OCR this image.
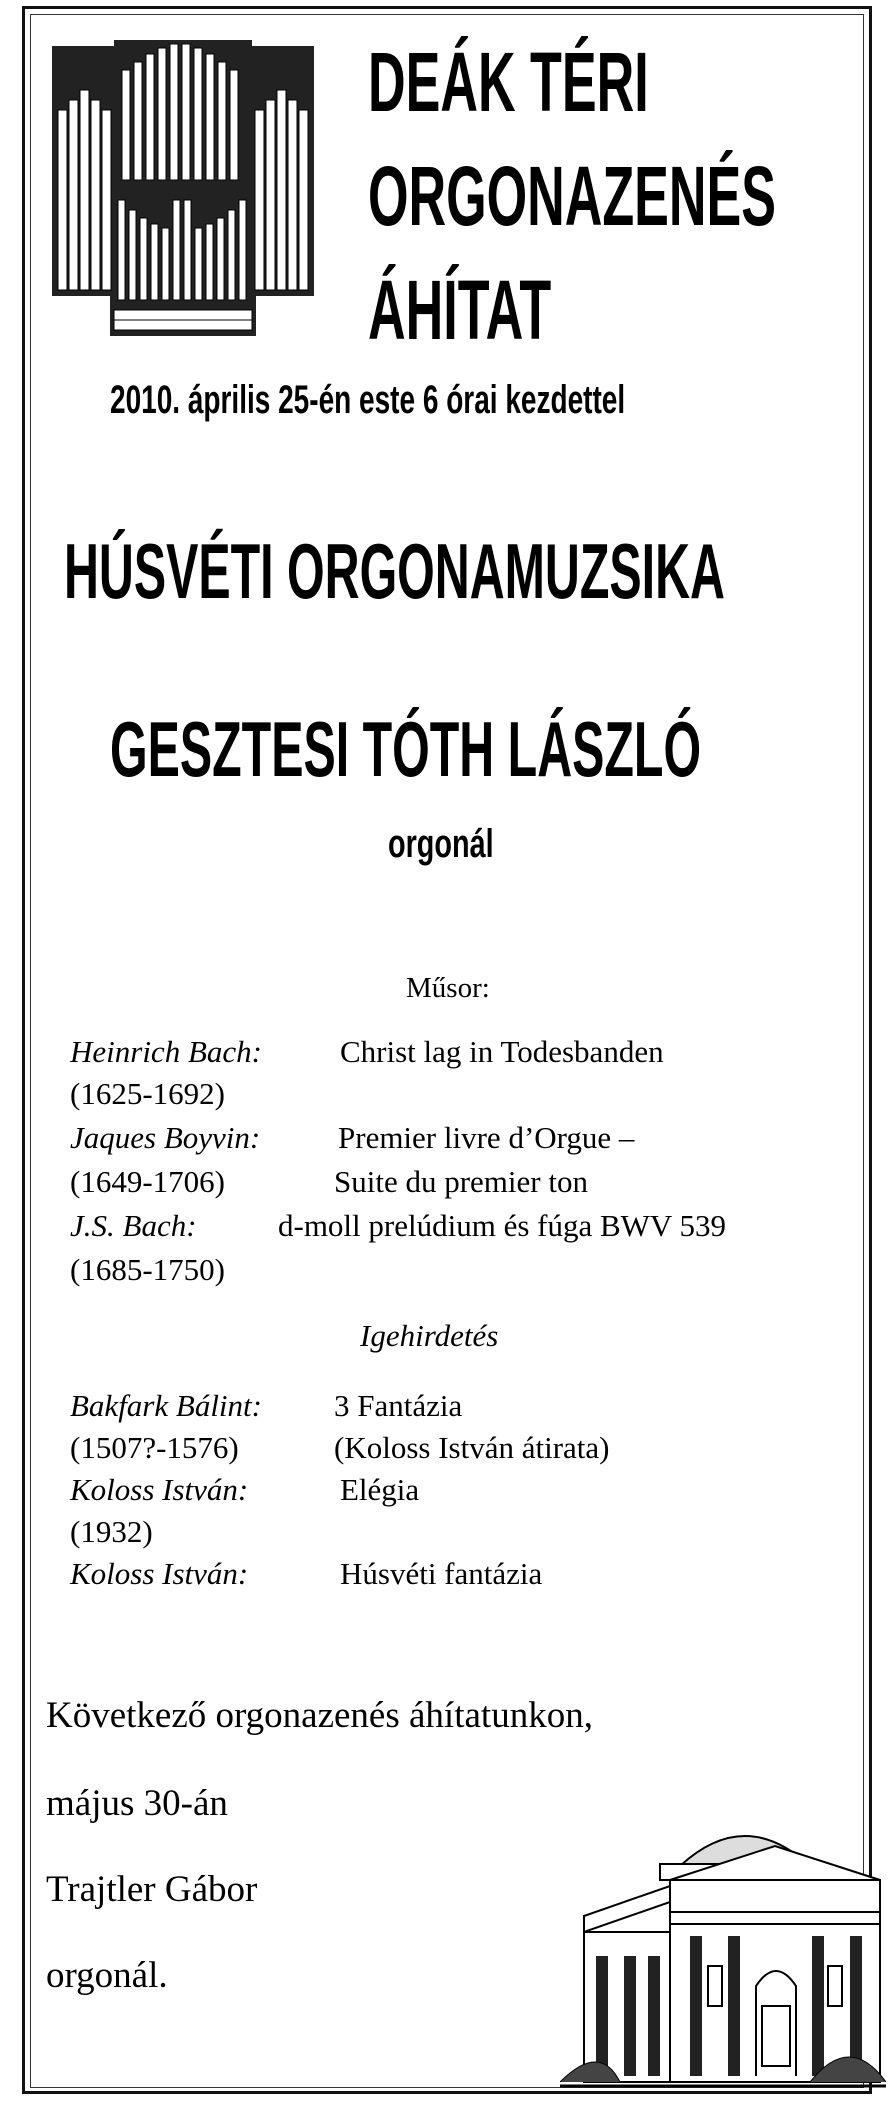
DEÁK TÉRI
ORGONAZENÉS
ÁHÍTAT
2010. április 25-én este 6 órai kezdettel
HÚSVÉTI ORGONAMUZSIKA
GESZTESI TÓTH LÁSZLÓ
orgonál
Műsor:
Heinrich Bach:	Christ lag in Todesbanden
(1625-1692)
Jaques Boyvin:	Premier livre d’Orgue –
(1649-1706)	Suite du premier ton
J.S. Bach:	d-moll prelúdium és fúga BWV 539
(1685-1750)
Igehirdetés
Bakfark Bálint: 3 Fantázia
(1507?-1576)	(Koloss István átirata)
Koloss István:	Elégia
(1932)
Koloss István:	Húsvéti fantázia
Következő orgonazenés áhítatunkon,
május 30-án
Trajtler Gábor
orgonál.
